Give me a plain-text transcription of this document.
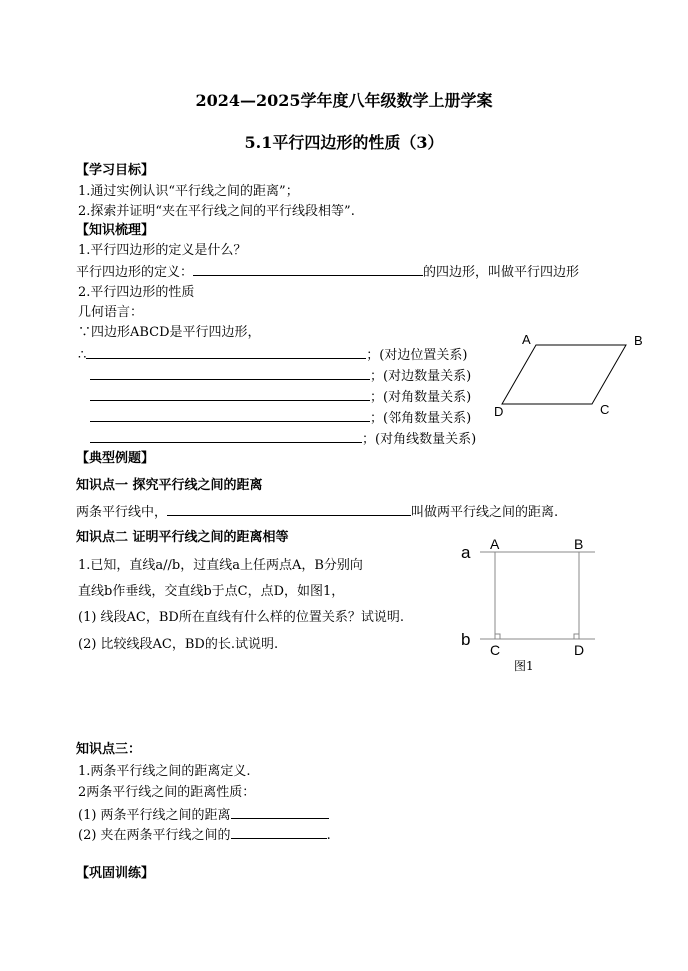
2024—2025学年度八年级数学上册学案
5.1平行四边形的性质（3）
【学习目标】
1.通过实例认识“平行线之间的距离”；
2.探索并证明“夹在平行线之间的平行线段相等”.
【知识梳理】
1.平行四边形的定义是什么？
平行四边形的定义：	的四边形，叫做平行四边形
2.平行四边形的性质
几何语言：
∵四边形ABCD是平行四边形，
∴	；(对边位置关系)
；(对边数量关系)
；(对角数量关系)
；(邻角数量关系)
；(对角线数量关系)
A	B
C
D
【典型例题】
知识点一 探究平行线之间的距离
两条平行线中，	叫做两平行线之间的距离.
知识点二 证明平行线之间的距离相等
1.已知，直线a//b，过直线a上任两点A，B分别向
直线b作垂线，交直线b于点C，点D，如图1，
(1) 线段AC，BD所在直线有什么样的位置关系？试说明.
(2) 比较线段AC，BD的长.试说明.
a
b
A	B
C	D
图1
知识点三：
1.两条平行线之间的距离定义.
2两条平行线之间的距离性质：
(1) 两条平行线之间的距离
(2) 夹在两条平行线之间的	.
【巩固训练】
